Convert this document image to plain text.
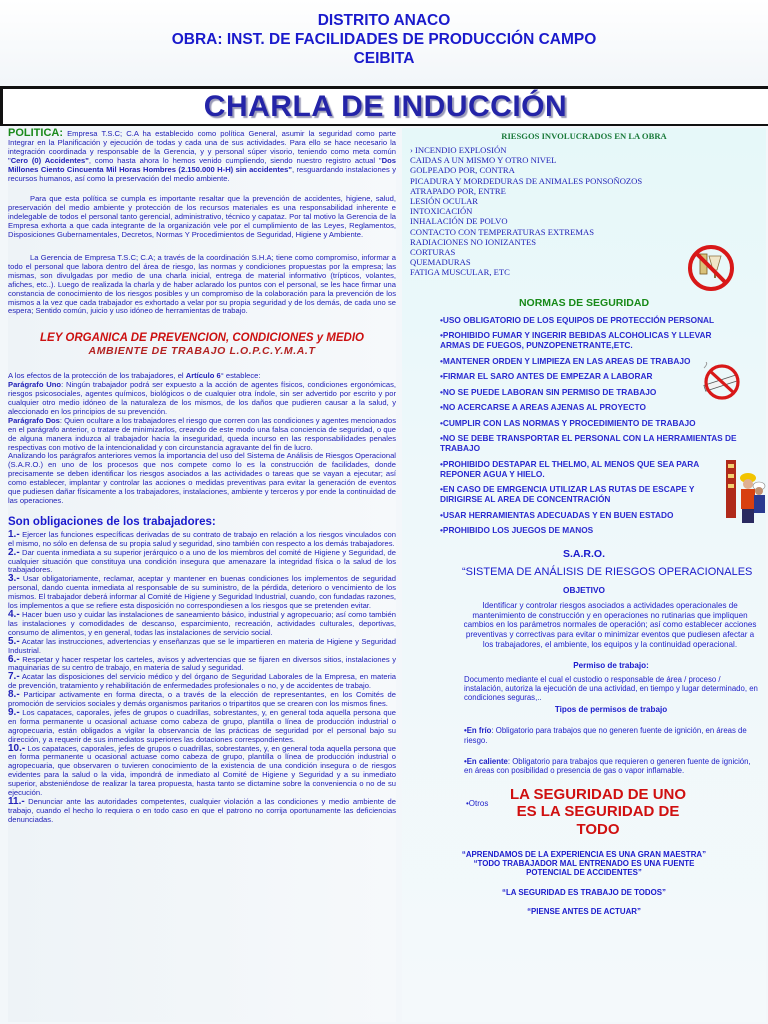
DISTRITO ANACO
OBRA: INST. DE FACILIDADES DE PRODUCCIÓN CAMPO
CEIBITA
CHARLA DE INDUCCIÓN
POLITICA: Empresa T.S.C; C.A ha establecido como política General, asumir la seguridad como parte Integrar en la Planificación y ejecución de todas y cada una de sus actividades. Para ello se hace necesario la integración coordinada y responsable de la Gerencia, y y personal súper visorio, teniendo como meta común "Cero (0) Accidentes", como hasta ahora lo hemos venido cumpliendo, siendo nuestro registro actual "Dos Millones Ciento Cincuenta Mil Horas Hombres (2.150.000 H-H) sin accidentes", resguardando instalaciones y recursos humanos, así como la preservación del medio ambiente.
Para que esta política se cumpla es importante resaltar que la prevención de accidentes, higiene, salud, preservación del medio ambiente y protección de los recursos materiales es una responsabilidad inherente e indelegable de todos el personal tanto gerencial, administrativo, técnico y capataz. Por tal motivo la Gerencia de la Empresa exhorta a que cada integrante de la organización vele por el cumplimiento de las Leyes, Reglamentos, Disposiciones Gubernamentales, Decretos, Normas Y Procedimientos de Seguridad, Higiene y Ambiente.
La Gerencia de Empresa T.S.C; C.A; a través de la coordinación S.H.A; tiene como compromiso, informar a todo el personal que labora dentro del área de riesgo, las normas y condiciones propuestas por la empresa; las mismas, son divulgadas por medio de una charla inicial, entrega de material informativo (trípticos, volantes, afiches, etc..). Luego de realizada la charla y de haber aclarado los puntos con el personal, se les hace firmar una constancia de conocimiento de los riesgos posibles y un compromiso de la colaboración para la prevención de los mismos a la vez que cada trabajador es exhortado a velar por su propia seguridad y de los demás, de cada uno se espera; Sentido común, juicio y uso idóneo de herramientas de trabajo.
LEY ORGANICA DE PREVENCION, CONDICIONES y MEDIO
AMBIENTE DE TRABAJO L.O.P.C.Y.M.A.T
A los efectos de la protección de los trabajadores, el Artículo 6° establece:
Parágrafo Uno: Ningún trabajador podrá ser expuesto a la acción de agentes físicos, condiciones ergonómicas, riesgos psicosociales, agentes químicos, biológicos o de cualquier otra índole, sin ser advertido por escrito y por cualquier otro medio idóneo de la naturaleza de los mismos, de los daños que pudieren causar a la salud, y aleccionado en los principios de su prevención.
Parágrafo Dos: Quien ocultare a los trabajadores el riesgo que corren con las condiciones y agentes mencionados en el parágrafo anterior, o tratare de minimizarlos, creando de este modo una falsa conciencia de seguridad, o que de alguna manera induzca al trabajador hacia la inseguridad, queda incurso en las responsabilidades penales respectivas con motivo de la intencionalidad y con circunstancia agravante del fin de lucro.
Analizando los parágrafos anteriores vemos la importancia del uso del Sistema de Análisis de Riesgos Operacional (S.A.R.O.) en uno de los procesos que nos compete como lo es la construcción de facilidades, donde precisamente se deben identificar los riesgos asociados a las actividades o tareas que se vayan a ejecutar; así como establecer, implantar y controlar las acciones o medidas preventivas para evitar la generación de eventos que pudiesen dañar físicamente a los trabajadores, instalaciones, ambiente y terceros y por ende la continuidad de las operaciones.
Son obligaciones de los trabajadores:
1.- Ejercer las funciones específicas derivadas de su contrato de trabajo en relación a los riesgos vinculados con el mismo, no sólo en defensa de su propia salud y seguridad, sino también con respecto a los demás trabajadores.
2.- Dar cuenta inmediata a su superior jerárquico o a uno de los miembros del comité de Higiene y Seguridad, de cualquier situación que constituya una condición insegura que amenazare la integridad física o la salud de los trabajadores.
3.- Usar obligatoriamente, reclamar, aceptar y mantener en buenas condiciones los implementos de seguridad personal, dando cuenta inmediata al responsable de su suministro, de la pérdida, deterioro o vencimiento de los mismos. El trabajador deberá informar al Comité de Higiene y Seguridad Industrial, cuando, con fundadas razones, los implementos a que se refiere esta disposición no correspondiesen a los riesgos que se pretenden evitar.
4.- Hacer buen uso y cuidar las instalaciones de saneamiento básico, industrial y agropecuario; así como también las instalaciones y comodidades de descanso, esparcimiento, recreación, actividades culturales, deportivas, consumo de alimentos, y en general, todas las instalaciones de servicio social.
5.- Acatar las instrucciones, advertencias y enseñanzas que se le impartieren en materia de Higiene y Seguridad Industrial.
6.- Respetar y hacer respetar los carteles, avisos y advertencias que se fijaren en diversos sitios, instalaciones y maquinarias de su centro de trabajo, en materia de salud y seguridad.
7.- Acatar las disposiciones del servicio médico y del órgano de Seguridad Laborales de la Empresa, en materia de prevención, tratamiento y rehabilitación de enfermedades profesionales o no, y de accidentes de trabajo.
8.- Participar activamente en forma directa, o a través de la elección de representantes, en los Comités de promoción de servicios sociales y demás organismos paritarios o tripartitos que se crearen con los mismos fines.
9.- Los capataces, caporales, jefes de grupos o cuadrillas, sobrestantes, y, en general toda aquella persona que en forma permanente u ocasional actuase como cabeza de grupo, plantilla o línea de producción industrial o agropecuaria, están obligados a vigilar la observancia de las prácticas de seguridad por el personal bajo su dirección, y a requerir de sus inmediatos superiores las dotaciones correspondientes.
10.- Los capataces, caporales, jefes de grupos o cuadrillas, sobrestantes, y, en general toda aquella persona que en forma permanente u ocasional actuase como cabeza de grupo, plantilla o línea de producción industrial o agropecuaria, que observaren o tuvieren conocimiento de la existencia de una condición insegura o de riesgos evidentes para la salud o la vida, impondrá de inmediato al Comité de Higiene y Seguridad y a su inmediato superior, absteniéndose de realizar la tarea propuesta, hasta tanto se dictamine sobre la conveniencia o no de su ejecución.
11.- Denunciar ante las autoridades competentes, cualquier violación a las condiciones y medio ambiente de trabajo, cuando el hecho lo requiera o en todo caso en que el patrono no corrija oportunamente las deficiencias denunciadas.
RIESGOS INVOLUCRADOS EN LA OBRA
› INCENDIO EXPLOSIÓN
CAIDAS A UN MISMO Y OTRO NIVEL
GOLPEADO POR, CONTRA
PICADURA Y MORDEDURAS DE ANIMALES PONSOÑOZOS
ATRAPADO POR, ENTRE
LESIÓN OCULAR
INTOXICACIÓN
INHALACIÓN DE POLVO
CONTACTO CON TEMPERATURAS EXTREMAS
RADIACIONES NO IONIZANTES
CORTURAS
QUEMADURAS
FATIGA MUSCULAR, ETC
NORMAS DE SEGURIDAD
•USO OBLIGATORIO DE LOS EQUIPOS DE PROTECCIÓN PERSONAL
•PROHIBIDO FUMAR Y INGERIR BEBIDAS ALCOHOLICAS Y LLEVAR ARMAS DE FUEGOS, PUNZOPENETRANTE,ETC.
•MANTENER ORDEN Y LIMPIEZA EN LAS AREAS DE TRABAJO
•FIRMAR EL SARO ANTES DE EMPEZAR A LABORAR
•NO SE PUEDE LABORAN SIN PERMISO DE TRABAJO
•NO ACERCARSE A AREAS AJENAS AL PROYECTO
•CUMPLIR CON LAS NORMAS Y PROCEDIMIENTO DE TRABAJO
•NO SE DEBE TRANSPORTAR EL PERSONAL CON LA HERRAMIENTAS DE TRABAJO
•PROHIBIDO DESTAPAR EL THELMO, AL MENOS QUE SEA PARA REPONER AGUA Y HIELO.
•EN CASO DE EMRGENCIA UTILIZAR LAS RUTAS DE ESCAPE Y DIRIGIRSE AL AREA DE CONCENTRACIÓN
•USAR HERRAMIENTAS ADECUADAS Y EN BUEN ESTADO
•PROHIBIDO LOS JUEGOS DE MANOS
S.A.R.O.
“SISTEMA DE ANÁLISIS DE RIESGOS OPERACIONALES
OBJETIVO
Identificar y controlar riesgos asociados a actividades operacionales de mantenimiento de construcción y en operaciones no rutinarias que impliquen cambios en los parámetros normales de operación; así como establecer acciones preventivas y correctivas para evitar o minimizar eventos que pudiesen afectar a los trabajadores, el ambiente, los equipos y la continuidad operacional.
Permiso de trabajo:
Documento mediante el cual el custodio o responsable de área / proceso / instalación, autoriza la ejecución de una actividad, en tiempo y lugar determinado, en condiciones seguras,..
Tipos de permisos de trabajo
•En frío: Obligatorio para trabajos que no generen fuente de ignición, en áreas de riesgo.
•En caliente: Obligatorio para trabajos que requieren o generen fuente de ignición, en áreas con posibilidad o presencia de gas o vapor inflamable.
•Otros
LA SEGURIDAD DE UNO
ES LA SEGURIDAD DE
TODO
“APRENDAMOS DE LA EXPERIENCIA ES UNA GRAN MAESTRA”
“TODO TRABAJADOR MAL ENTRENADO ES UNA FUENTE POTENCIAL DE ACCIDENTES”
“LA SEGURIDAD ES TRABAJO DE TODOS”
“PIENSE ANTES DE ACTUAR”
